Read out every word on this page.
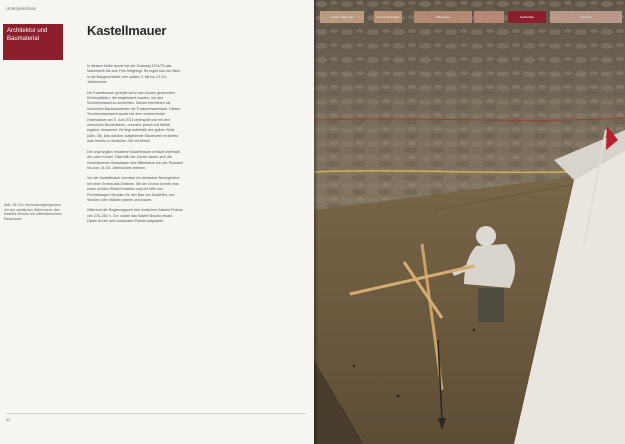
Untergeschoss
Architektur und Baumaterial
Kastellmauer

In diesem Keller wurde bei der Grabung 1974/75 das Mauerwerk bis zum Fels freigelegt. So ergibt sich ein Blick in die Baugeschichte vom späten 3. bis ins 14./15. Jahrhundert.

Die Kastellmauer gründet auf in den Boden gerammten Eichenpfählen, die eingebracht wurden, um den Schwemmsand zu verdichten. Darauf errichteten die römischen Bauhandwerker ein Trockenmauerwerk. Dieses Trockenmauerwerk wurde bei dem verheerenden Hochwasser am 3. Juni 2013 unterspült und mit den römischen Bruchsteinen, nunmehr jedoch mit Mörtel ergänzt, restauriert. Es liegt unterhalb des gelben Seils (Abb. 28). Das darüber aufgehende Mauerwerk errichtete man bereits in römischer Zeit mit Mörtel.

Die ursprünglich erhaltene Kastellmauer verläuft unterhalb der roten Kordel. Oberhalb der Kordel lassen sich die verschiedenen Bauphasen des Mittelalters von der Romanik bis zum 14./15. Jahrhundert ablesen.

Vor der Kastellmauer vermisst ein römischer Bauingenieur mit einer Groma das Gelände. Mit der Groma konnte man einen rechten Winkel erstellen und mit Hilfe von Fluchtstangen Geraden für den Bau von Kastellen, von Straßen oder Städten planen und bauen.

Während der Regierungszeit des römischen Kaisers Probus von 276–282 n. Chr. wurde das Kastell Boiotro erbaut. Daher ist hier sein kolossales Porträt aufgestellt.

Abb. 28: Ein Vermessungsingenieur vor der westlichen Wehrmauer des Kastells Boiotro mit mittelalterlichem Bauphasen
32
Späte Kaiserzeit	Frühes Mittelalter	Mittelalter	Spätantike	Neuzeit
33
